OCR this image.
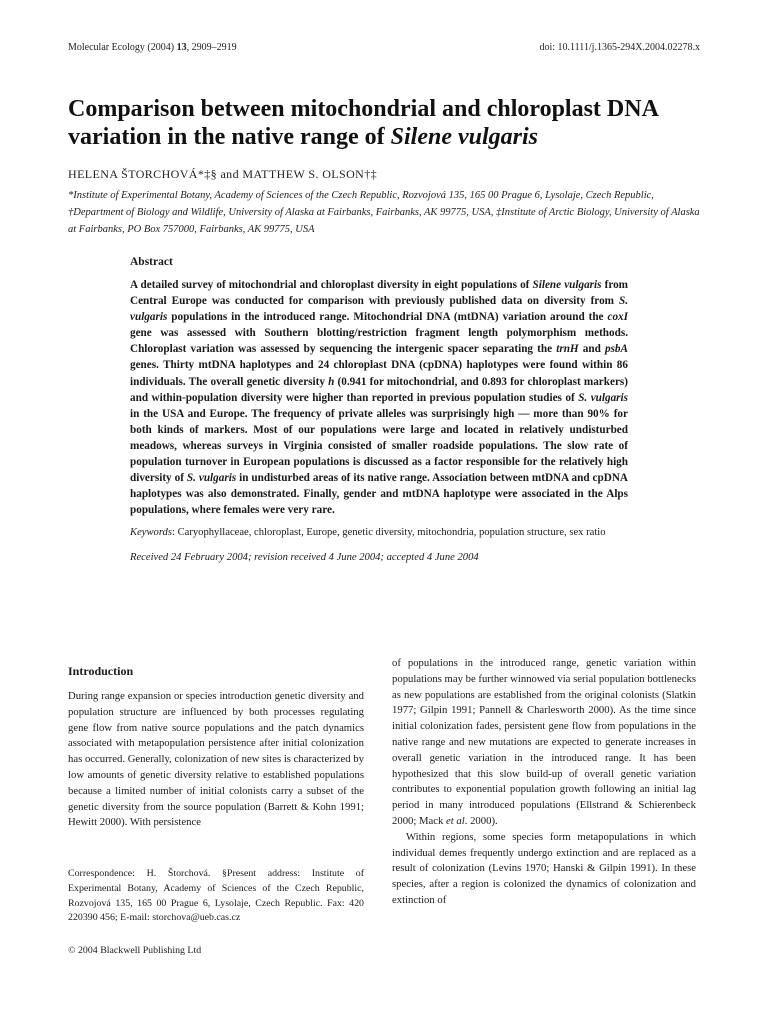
Molecular Ecology (2004) 13, 2909–2919	doi: 10.1111/j.1365-294X.2004.02278.x
Comparison between mitochondrial and chloroplast DNA
variation in the native range of Silene vulgaris
HELENA ŠTORCHOVÁ*‡§ and MATTHEW S. OLSON†‡
*Institute of Experimental Botany, Academy of Sciences of the Czech Republic, Rozvojová 135, 165 00 Prague 6, Lysolaje, Czech Republic, †Department of Biology and Wildlife, University of Alaska at Fairbanks, Fairbanks, AK 99775, USA, ‡Institute of Arctic Biology, University of Alaska at Fairbanks, PO Box 757000, Fairbanks, AK 99775, USA
Abstract

A detailed survey of mitochondrial and chloroplast diversity in eight populations of Silene vulgaris from Central Europe was conducted for comparison with previously published data on diversity from S. vulgaris populations in the introduced range. Mitochondrial DNA (mtDNA) variation around the coxI gene was assessed with Southern blotting/restriction fragment length polymorphism methods. Chloroplast variation was assessed by sequencing the intergenic spacer separating the trnH and psbA genes. Thirty mtDNA haplotypes and 24 chloroplast DNA (cpDNA) haplotypes were found within 86 individuals. The overall genetic diversity h (0.941 for mitochondrial, and 0.893 for chloroplast markers) and within-population diversity were higher than reported in previous population studies of S. vulgaris in the USA and Europe. The frequency of private alleles was surprisingly high — more than 90% for both kinds of markers. Most of our populations were large and located in relatively undisturbed meadows, whereas surveys in Virginia consisted of smaller roadside populations. The slow rate of population turnover in European populations is discussed as a factor responsible for the relatively high diversity of S. vulgaris in undisturbed areas of its native range. Association between mtDNA and cpDNA haplotypes was also demonstrated. Finally, gender and mtDNA haplotype were associated in the Alps populations, where females were very rare.

Keywords: Caryophyllaceae, chloroplast, Europe, genetic diversity, mitochondria, population structure, sex ratio
Received 24 February 2004; revision received 4 June 2004; accepted 4 June 2004
Introduction

During range expansion or species introduction genetic diversity and population structure are influenced by both processes regulating gene flow from native source populations and the patch dynamics associated with metapopulation persistence after initial colonization has occurred. Generally, colonization of new sites is characterized by low amounts of genetic diversity relative to established populations because a limited number of initial colonists carry a subset of the genetic diversity from the source population (Barrett & Kohn 1991; Hewitt 2000). With persistence

of populations in the introduced range, genetic variation within populations may be further winnowed via serial population bottlenecks as new populations are established from the original colonists (Slatkin 1977; Gilpin 1991; Pannell & Charlesworth 2000). As the time since initial colonization fades, persistent gene flow from populations in the native range and new mutations are expected to generate increases in overall genetic variation in the introduced range. It has been hypothesized that this slow build-up of overall genetic variation contributes to exponential population growth following an initial lag period in many introduced populations (Ellstrand & Schierenbeck 2000; Mack et al. 2000).

Within regions, some species form metapopulations in which individual demes frequently undergo extinction and are replaced as a result of colonization (Levins 1970; Hanski & Gilpin 1991). In these species, after a region is colonized the dynamics of colonization and extinction of

Correspondence: H. Štorchová. §Present address: Institute of Experimental Botany, Academy of Sciences of the Czech Republic, Rozvojová 135, 165 00 Prague 6, Lysolaje, Czech Republic. Fax: 420 220390 456; E-mail: storchova@ueb.cas.cz
© 2004 Blackwell Publishing Ltd
